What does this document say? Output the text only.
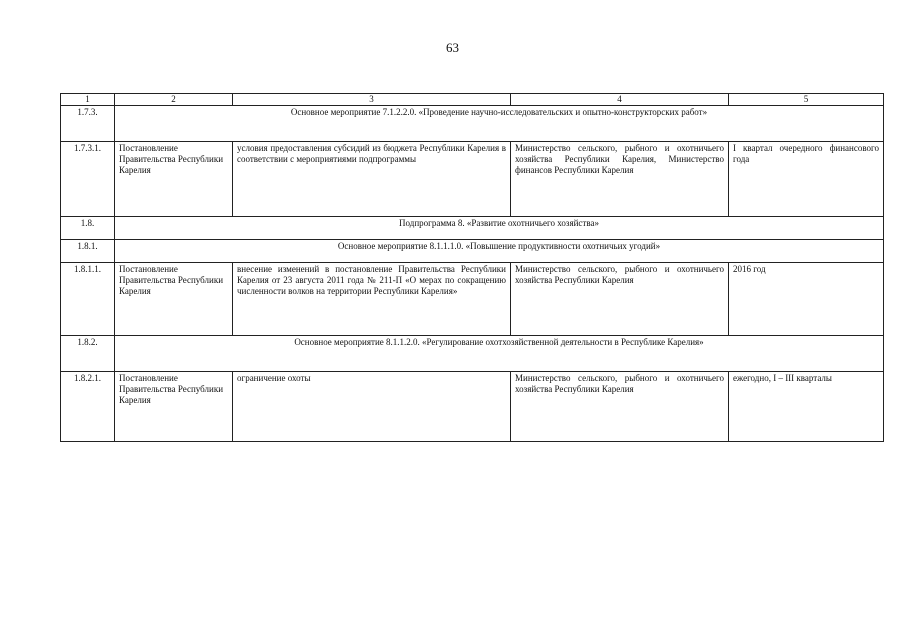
63
1	2	3	4	5
1.7.3.	Основное мероприятие 7.1.2.2.0. «Проведение научно-исследовательских и опытно-конструкторских работ»			
1.7.3.1.	Постановление Правительства Республики Карелия	условия предоставления субсидий из бюджета Республики Карелия в соответствии с мероприятиями подпрограммы	Министерство сельского, рыбного и охотничьего хозяйства Республики Карелия, Министерство финансов Республики Карелия	I квартал очередного финансового года
1.8.	Подпрограмма 8. «Развитие охотничьего хозяйства»			
1.8.1.	Основное мероприятие 8.1.1.1.0. «Повышение продуктивности охотничьих угодий»			
1.8.1.1.	Постановление Правительства Республики Карелия	внесение изменений в постановление Правительства Республики Карелия от 23 августа 2011 года № 211-П «О мерах по сокращению численности волков на территории Республики Карелия»	Министерство сельского, рыбного и охотничьего хозяйства Республики Карелия	2016 год
1.8.2.	Основное мероприятие 8.1.1.2.0. «Регулирование охотхозяйственной деятельности в Республике Карелия»			
1.8.2.1.	Постановление Правительства Республики Карелия	ограничение охоты	Министерство сельского, рыбного и охотничьего хозяйства Республики Карелия	ежегодно, I – III кварталы
